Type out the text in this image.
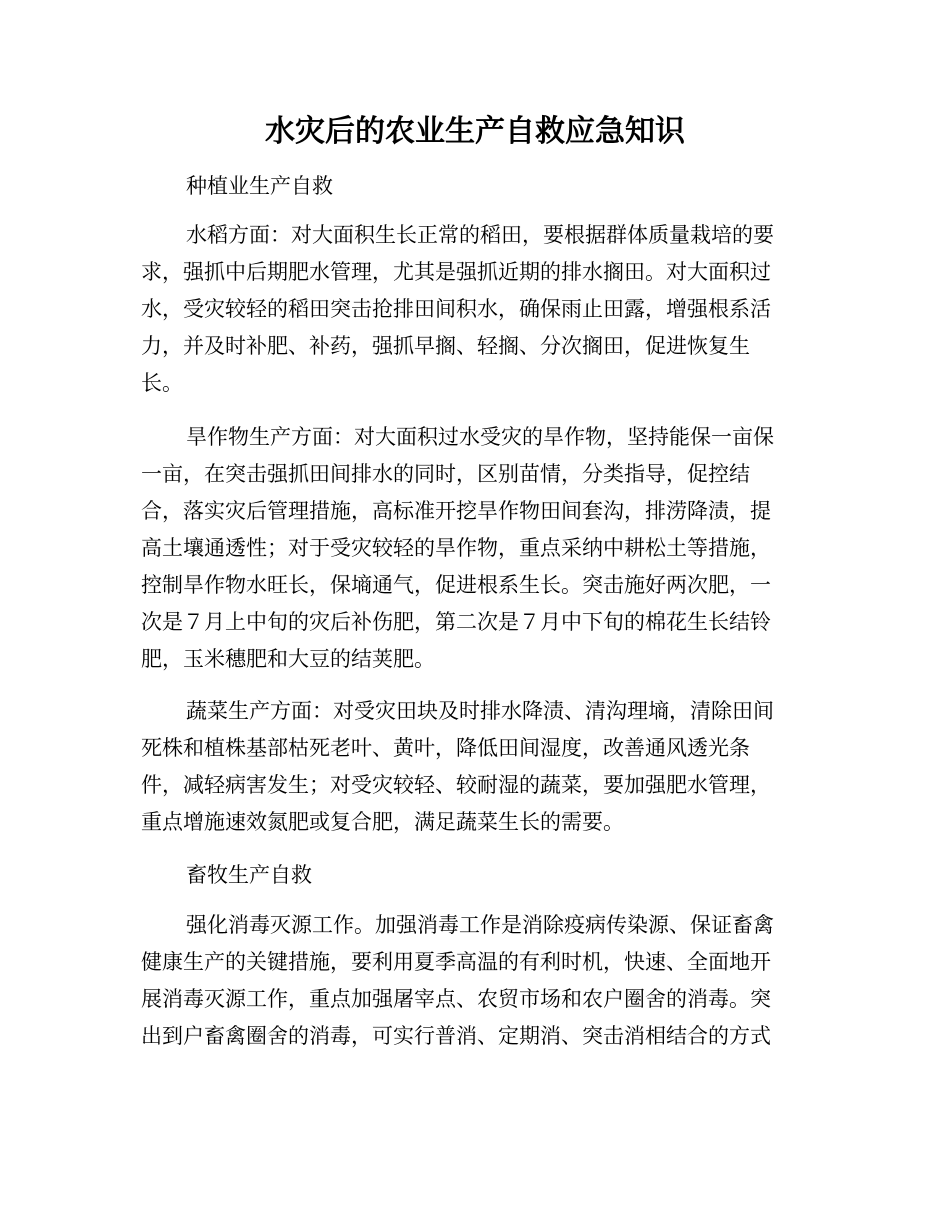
水灾后的农业生产自救应急知识

种植业生产自救

水稻方面：对大面积生长正常的稻田，要根据群体质量栽培的要
求，强抓中后期肥水管理，尤其是强抓近期的排水搁田。对大面积过
水，受灾较轻的稻田突击抢排田间积水，确保雨止田露，增强根系活
力，并及时补肥、补药，强抓早搁、轻搁、分次搁田，促进恢复生
长。
旱作物生产方面：对大面积过水受灾的旱作物，坚持能保一亩保
一亩，在突击强抓田间排水的同时，区别苗情，分类指导，促控结
合，落实灾后管理措施，高标准开挖旱作物田间套沟，排涝降渍，提
高土壤通透性；对于受灾较轻的旱作物，重点采纳中耕松土等措施，
控制旱作物水旺长，保墒通气，促进根系生长。突击施好两次肥，一
次是７月上中旬的灾后补伤肥，第二次是７月中下旬的棉花生长结铃
肥，玉米穗肥和大豆的结荚肥。
蔬菜生产方面：对受灾田块及时排水降渍、清沟理墒，清除田间
死株和植株基部枯死老叶、黄叶，降低田间湿度，改善通风透光条
件，减轻病害发生；对受灾较轻、较耐湿的蔬菜，要加强肥水管理，
重点增施速效氮肥或复合肥，满足蔬菜生长的需要。

畜牧生产自救

强化消毒灭源工作。加强消毒工作是消除疫病传染源、保证畜禽
健康生产的关键措施，要利用夏季高温的有利时机，快速、全面地开
展消毒灭源工作，重点加强屠宰点、农贸市场和农户圈舍的消毒。突
出到户畜禽圈舍的消毒，可实行普消、定期消、突击消相结合的方式
